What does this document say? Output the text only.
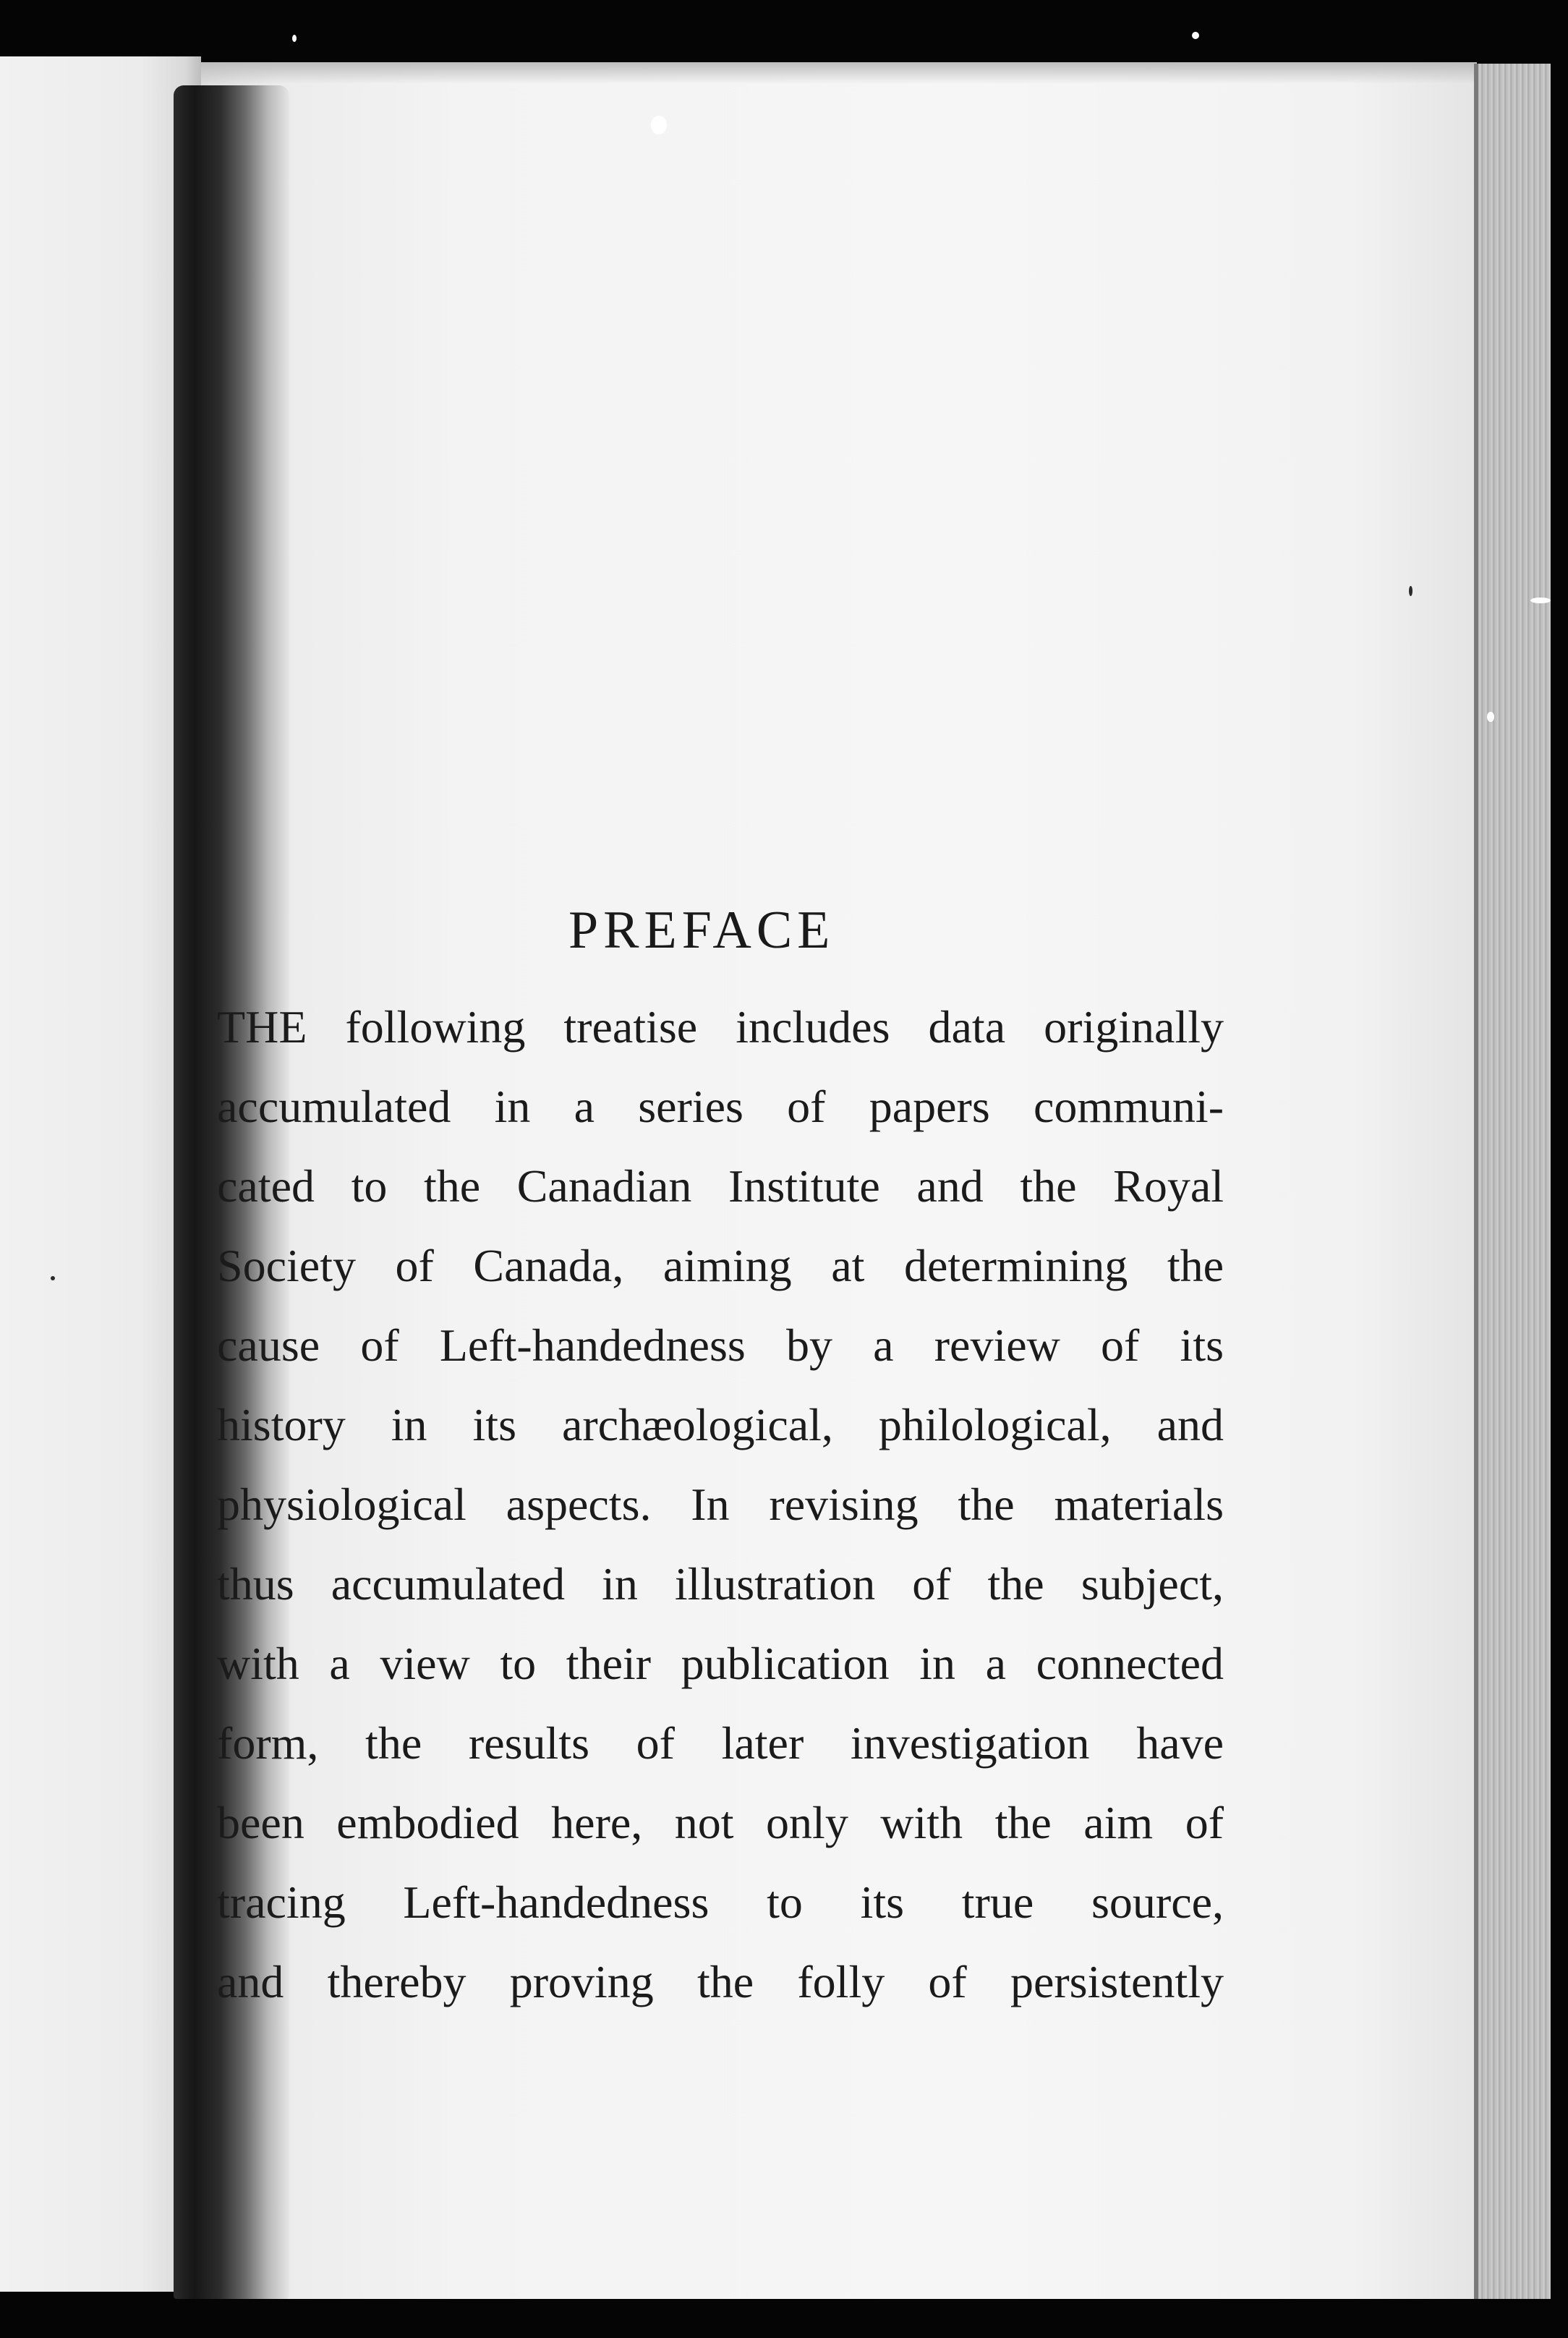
PREFACE
THE following treatise includes data originally
accumulated in a series of papers communi-
cated to the Canadian Institute and the Royal
Society of Canada, aiming at determining the
cause of Left-handedness by a review of its
history in its archæological, philological, and
physiological aspects. In revising the materials
thus accumulated in illustration of the subject,
with a view to their publication in a connected
form, the results of later investigation have
been embodied here, not only with the aim of
tracing Left-handedness to its true source,
and thereby proving the folly of persistently
